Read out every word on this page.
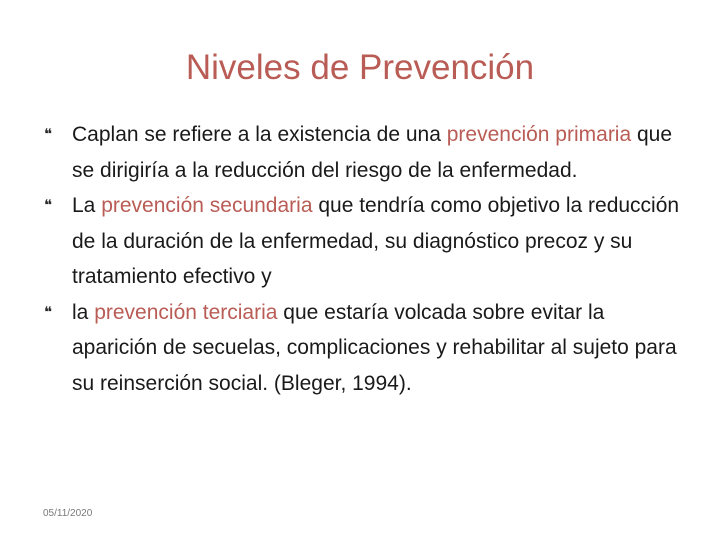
Niveles de Prevención
❝ Caplan se refiere a la existencia de una prevención primaria que se dirigiría a la reducción del riesgo de la enfermedad.
❝ La prevención secundaria que tendría como objetivo la reducción de la duración de la enfermedad, su diagnóstico precoz y su tratamiento efectivo y
❝ la prevención terciaria que estaría volcada sobre evitar la aparición de secuelas, complicaciones y rehabilitar al sujeto para su reinserción social. (Bleger, 1994).
05/11/2020
